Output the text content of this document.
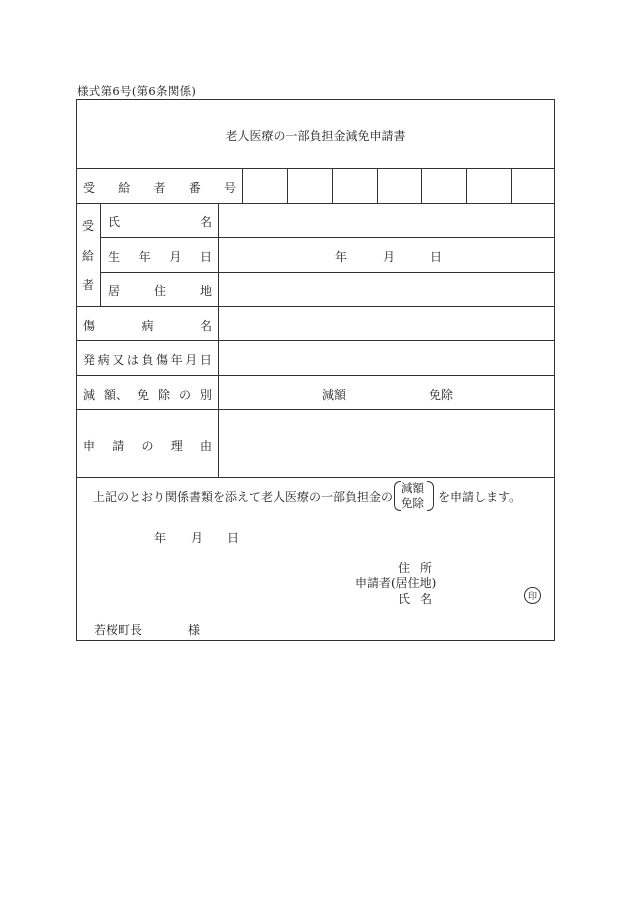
様式第6号(第6条関係)
老人医療の一部負担金減免申請書
受 給 者 番 号
受
給
者
氏	名
生 年 月 日	年	月	日
居	住	地
傷	病	名
発 病 又 は 負 傷 年 月 日
減 額、 免 除 の 別	減額	免除
申 請 の 理 由
上記のとおり関係書類を添えて老人医療の一部負担金の
減額
免除 を申請します。
年 月 日
住 所
申請者(居住地)
氏 名	印
若桜町長	様
